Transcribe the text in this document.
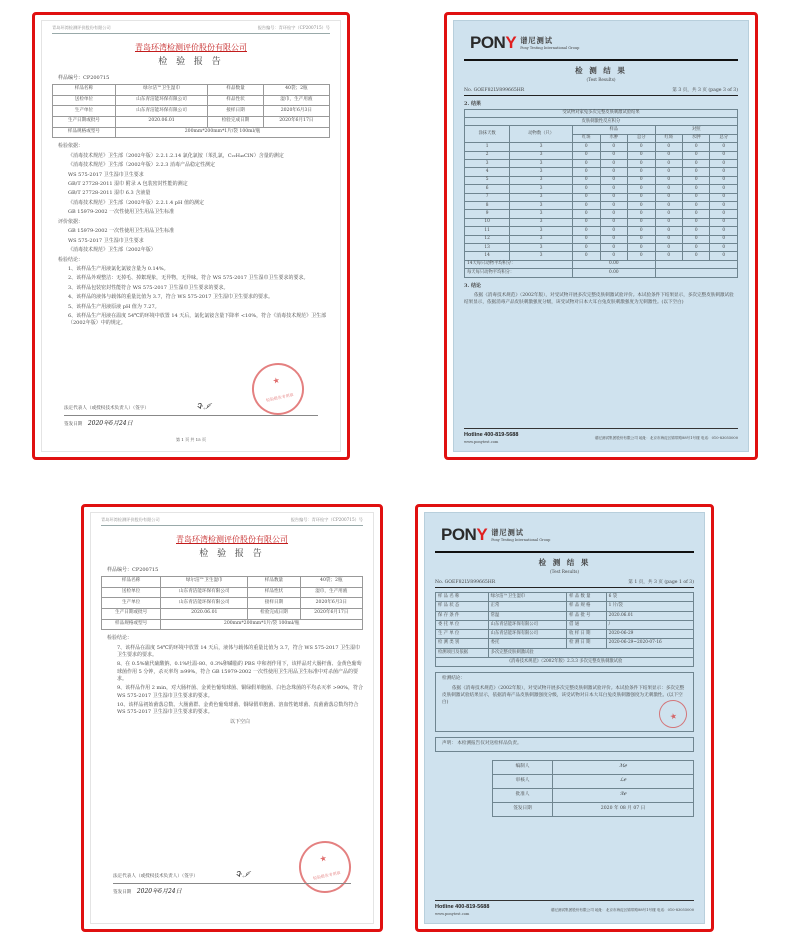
青岛环湾检测评价股份有限公司	报告编号：青环检字（CP200715）号
青岛环湾检测评价股份有限公司
检 验 报 告
样品编号：CP200715
样品名称	绿尔洁™卫生湿巾	样品数量	40袋；2瓶
送检单位	山东青洁能环保有限公司	样品性状	湿巾，生产用液
生产单位	山东青洁能环保有限公司	接样日期	2020年6月3日
生产日期或批号	2020.06.01	检验完成日期	2020年6月17日
样品规格或型号	200mm*200mm*1片/袋 100ml/瓶		

检验依据：

《消毒技术规范》卫生部（2002年版）2.2.1.2.14 氯化氯铵（苯扎氯，C₂₂H₄₀ClN）含量的测定

《消毒技术规范》卫生部（2002年版）2.2.3 消毒产品稳定性测定

WS 575-2017 卫生湿巾卫生要求

GB/T 27728-2011 湿巾 附录 A 包装密封性能的测定

GB/T 27728-2011 湿巾 6.3 含液量

《消毒技术规范》卫生部（2002年版）2.2.1.4 pH 值的测定

GB 15979-2002 一次性使用卫生用品卫生标准

评价依据：

GB 15979-2002 一次性使用卫生用品卫生标准

WS 575-2017 卫生湿巾卫生要求

《消毒技术规范》卫生部（2002年版）

检验结论：

1、该样品生产用液氯化氯铵含量为 0.14%。

2、该样品外观整洁：无掉毛、掉絮现象，无异物，无异味。符合 WS 575-2017 卫生湿巾卫生要求的要求。

3、该样品包装密封性能符合 WS 575-2017 卫生湿巾卫生要求的要求。

4、该样品的液体与载体的重量比值为 3.7，符合 WS 575-2017 卫生湿巾卫生要求的要求。

5、该样品生产用液原液 pH 值为 7.27。

6、该样品生产用液在温度 54℃的环境中放置 14 天后，氯化氯铵含量下降率 <10%，符合《消毒技术规范》卫生部（2002年版）中的规定。

检验报告专用章
★
法定代表人（或授权技术负责人）（签字）	Ꮈ·ℐ
签发日期 2020年6月24日
第 1 页 共 15 页
PONY 谱尼测试
Pony Testing International Group
检 测 结 果
(Test Results)
No. GOEF82LV899665HR	第 3 页，共 3 页 (page 3 of 3)
2. 结果
受试物对家兔多次完整皮肤刺激试验结果							
皮肤刺激性反应积分							
涂抹天数	动物数（只）	样品			对照		
		红斑	水肿	总分	红斑	水肿	总分
1	3	0	0	0	0	0	0
2	3	0	0	0	0	0	0
3	3	0	0	0	0	0	0
4	3	0	0	0	0	0	0
5	3	0	0	0	0	0	0
6	3	0	0	0	0	0	0
7	3	0	0	0	0	0	0
8	3	0	0	0	0	0	0
9	3	0	0	0	0	0	0
10	3	0	0	0	0	0	0
11	3	0	0	0	0	0	0
12	3	0	0	0	0	0	0
13	3	0	0	0	0	0	0
14	3	0	0	0	0	0	0
14天每只动物平均积分：		0.00					
每天每只动物平均积分：		0.00					
3. 结论
依据《消毒技术规范》（2002年版），对受试物开展多次完整皮肤刺激试验评价。本试验条件下结果显示，多次完整皮肤刺激试验结果显示，依据消毒产品皮肤刺激强度分级，该受试物对日本大耳白兔皮肤刺激强度为无刺激性。(以下空白)
Hotline 400-819-5688
www.ponytest.com
谱尼测试集团股份有限公司 地址：北京市海淀区锦带路88号1号楼 电话：010-83055000
青岛环湾检测评价股份有限公司	报告编号：青环检字（CP200715）号
青岛环湾检测评价股份有限公司
检 验 报 告
样品编号：CP200715
样品名称	绿尔洁™卫生湿巾	样品数量	40袋；2瓶
送检单位	山东青洁能环保有限公司	样品性状	湿巾，生产用液
生产单位	山东青洁能环保有限公司	接样日期	2020年6月3日
生产日期或批号	2020.06.01	检验完成日期	2020年6月17日
样品规格或型号	200mm*200mm*1片/袋 100ml/瓶		

检验结论：

7、该样品在温度 54℃的环境中放置 14 天后，液体与载体的重量比值为 3.7，符合 WS 575-2017 卫生湿巾卫生要求的要求。

8、在 0.5%硫代硫酸钠、0.1%吐温-80、0.3%卵磷脂的 PBS 中和剂作用下，该样品对大肠杆菌、金黄色葡萄球菌作用 5 分钟，杀灭率均 ≥99%，符合 GB 15979-2002 一次性使用卫生用品卫生标准中对杀菌产品的要求。

9、该样品作用 2 min，对大肠杆菌、金黄色葡萄球菌、铜绿假单胞菌、白色念珠菌的平均杀灭率 >90%，符合 WS 575-2017 卫生湿巾卫生要求的要求。

10、该样品初始菌落总数、大肠菌群、金黄色葡萄球菌、铜绿假单胞菌、溶血性链球菌、真菌菌落总数均符合 WS 575-2017 卫生湿巾卫生要求的要求。

以下空白

检验报告专用章
★
法定代表人（或授权技术负责人）（签字）	Ꮈ·ℐ
签发日期 2020年6月24日
PONY 谱尼测试
Pony Testing International Group
检 测 结 果
(Test Results)
No. GOEF82LV899665HR	第 1 页，共 3 页 (page 1 of 3)
样 品 名 称	绿尔洁™卫生湿巾	样 品 数 量	6 袋
样 品 状 态	正常	样 品 规 格	1 片/袋
保 存 条 件	常温	样 品 批 号	2020.06.01
委 托 单 位	山东青洁能环保有限公司	借 通	/
生 产 单 位	山东青洁能环保有限公司	收 样 日 期	2020-06-29
检 测 类 别	委托	检 测 日 期	2020-06-29~2020-07-16
检测项目及依据	多次完整皮肤刺激试验		
《消毒技术规范》（2002年版）2.3.3 多次完整皮肤刺激试验			
检测结论：
依据《消毒技术规范》（2002年版），对受试物开展多次完整皮肤刺激试验评价。本试验条件下结果显示：多次完整皮肤刺激试验结果显示，依据消毒产品皮肤刺激强度分级，该受试物对日本大耳白兔皮肤刺激强度为无刺激性。(以下空白)
★
声明： 本检测报告仅对送检样品负责。
编制人	ℳℯ
审核人	ℒℯ
批准人	ℛℯ
签发日期	2020 年 08 月 07 日
Hotline 400-819-5688
www.ponytest.com
谱尼测试集团股份有限公司 地址：北京市海淀区锦带路88号1号楼 电话：010-83055000
